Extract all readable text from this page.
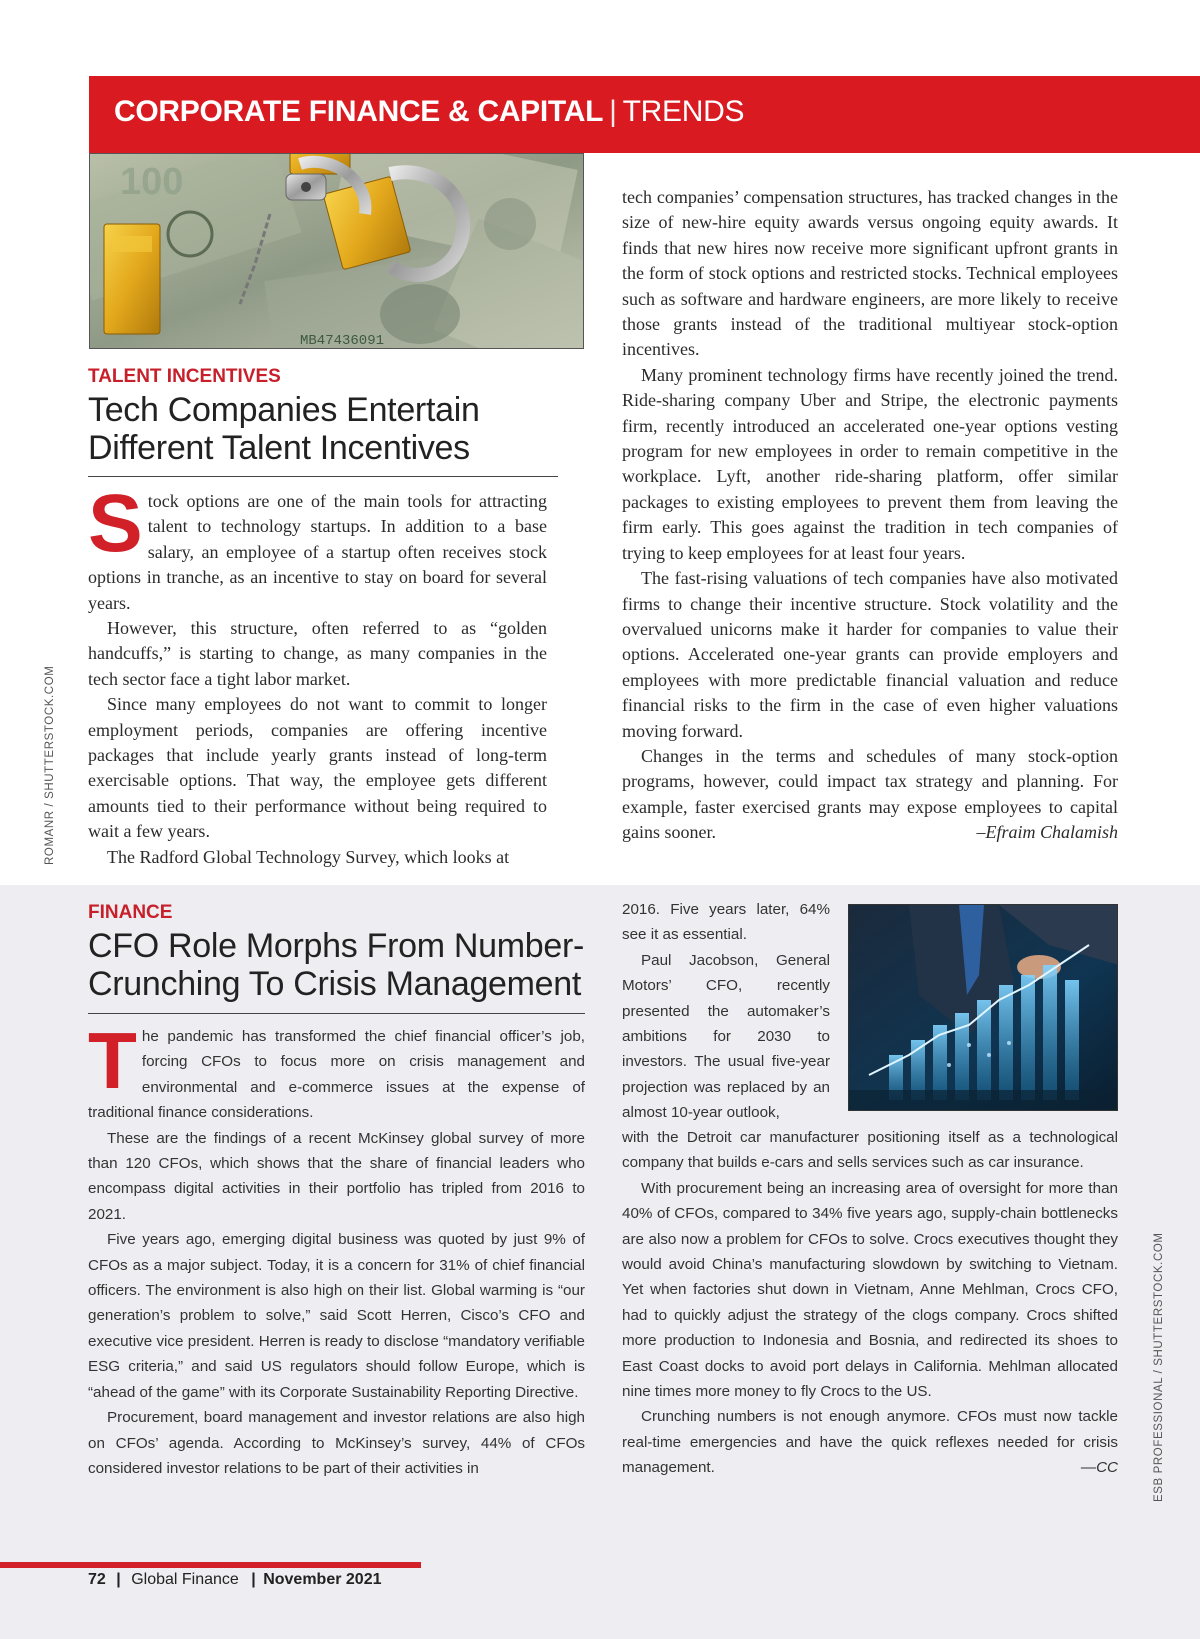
CORPORATE FINANCE & CAPITAL | TRENDS
100
MB47436091
TALENT INCENTIVES
Tech Companies Entertain Different Talent Incentives

Stock options are one of the main tools for attracting talent to technology startups. In addition to a base salary, an employee of a startup often receives stock options in tranche, as an incentive to stay on board for several years.

However, this structure, often referred to as “golden handcuffs,” is starting to change, as many companies in the tech sector face a tight labor market.

Since many employees do not want to commit to longer employment periods, companies are offering incentive packages that include yearly grants instead of long-term exercisable options. That way, the employee gets different amounts tied to their performance without being required to wait a few years.

The Radford Global Technology Survey, which looks at

tech companies’ compensation structures, has tracked changes in the size of new-hire equity awards versus ongoing equity awards. It finds that new hires now receive more significant upfront grants in the form of stock options and restricted stocks. Technical employees such as software and hardware engineers, are more likely to receive those grants instead of the traditional multiyear stock-option incentives.

Many prominent technology firms have recently joined the trend. Ride-sharing company Uber and Stripe, the electronic payments firm, recently introduced an accelerated one-year options vesting program for new employees in order to remain competitive in the workplace. Lyft, another ride-sharing platform, offer similar packages to existing employees to prevent them from leaving the firm early. This goes against the tradition in tech companies of trying to keep employees for at least four years.

The fast-rising valuations of tech companies have also motivated firms to change their incentive structure. Stock volatility and the overvalued unicorns make it harder for companies to value their options. Accelerated one-year grants can provide employers and employees with more predictable financial valuation and reduce financial risks to the firm in the case of even higher valuations moving forward.

Changes in the terms and schedules of many stock-option programs, however, could impact tax strategy and planning. For example, faster exercised grants may expose employees to capital gains sooner.	–Efraim Chalamish

ROMANR / SHUTTERSTOCK.COM
FINANCE
CFO Role Morphs From Number-Crunching To Crisis Management

The pandemic has transformed the chief financial officer’s job, forcing CFOs to focus more on crisis management and environmental and e-commerce issues at the expense of traditional finance considerations.

These are the findings of a recent McKinsey global survey of more than 120 CFOs, which shows that the share of financial leaders who encompass digital activities in their portfolio has tripled from 2016 to 2021.

Five years ago, emerging digital business was quoted by just 9% of CFOs as a major subject. Today, it is a concern for 31% of chief financial officers. The environment is also high on their list. Global warming is “our generation’s problem to solve,” said Scott Herren, Cisco’s CFO and executive vice president. Herren is ready to disclose “mandatory verifiable ESG criteria,” and said US regulators should follow Europe, which is “ahead of the game” with its Corporate Sustainability Reporting Directive.

Procurement, board management and investor relations are also high on CFOs’ agenda. According to McKinsey’s survey, 44% of CFOs considered investor relations to be part of their activities in

2016. Five years later, 64% see it as essential.

Paul Jacobson, General Motors’ CFO, recently presented the automaker’s ambitions for 2030 to investors. The usual five-year projection was replaced by an almost 10-year outlook,

with the Detroit car manufacturer positioning itself as a technological company that builds e-cars and sells services such as car insurance.

With procurement being an increasing area of oversight for more than 40% of CFOs, compared to 34% five years ago, supply-chain bottlenecks are also now a problem for CFOs to solve. Crocs executives thought they would avoid China’s manufacturing slowdown by switching to Vietnam. Yet when factories shut down in Vietnam, Anne Mehlman, Crocs CFO, had to quickly adjust the strategy of the clogs company. Crocs shifted more production to Indonesia and Bosnia, and redirected its shoes to East Coast docks to avoid port delays in California. Mehlman allocated nine times more money to fly Crocs to the US.

Crunching numbers is not enough anymore. CFOs must now tackle real-time emergencies and have the quick reflexes needed for crisis management.	—CC	ESB PROFESSIONAL / SHUTTERSTOCK.COM
72 | Global Finance | November 2021
